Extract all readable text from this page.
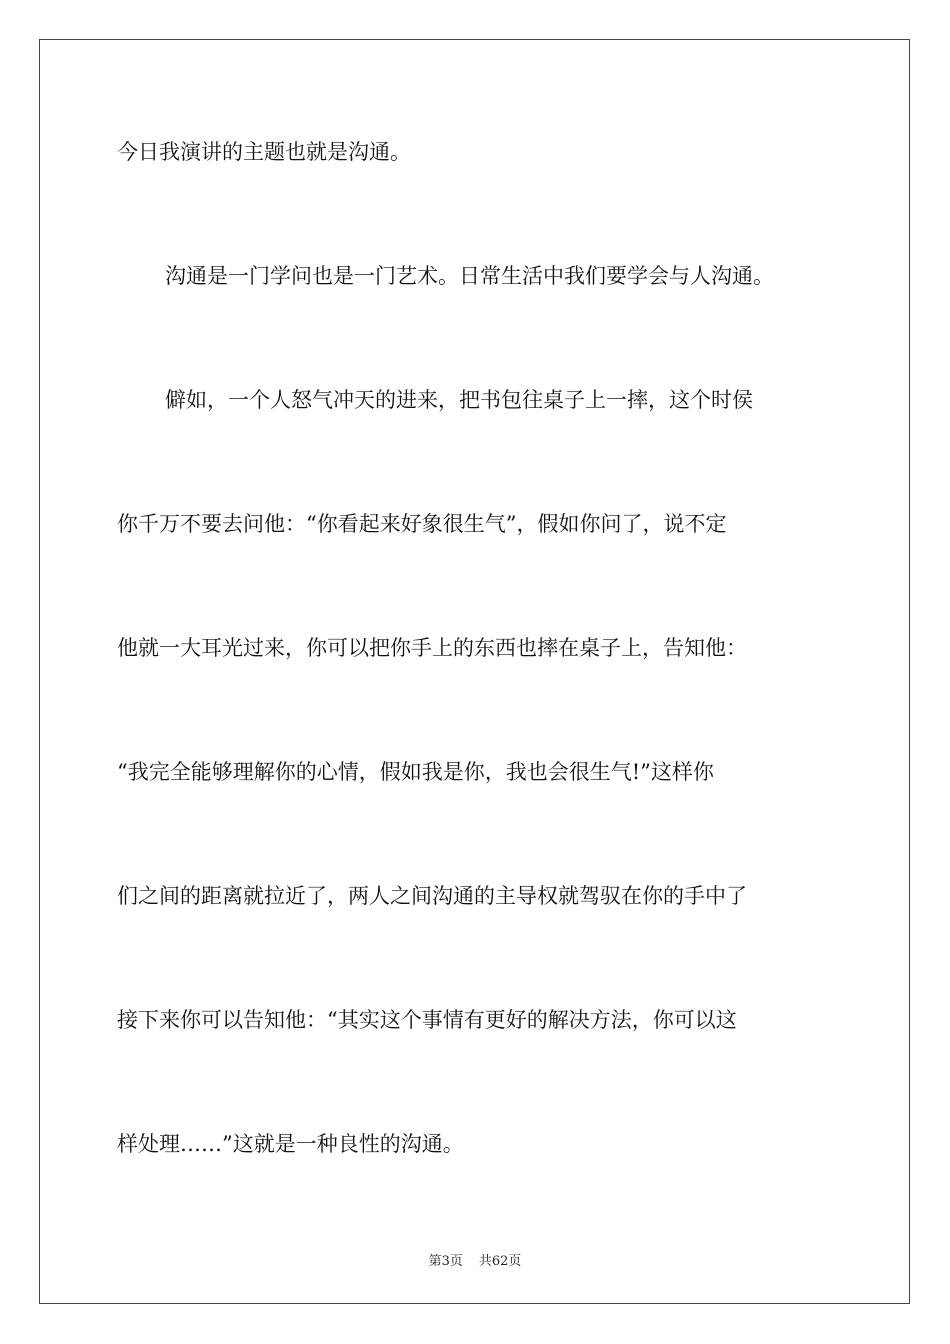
今日我演讲的主题也就是沟通。
沟通是一门学问也是一门艺术。日常生活中我们要学会与人沟通。
僻如，一个人怒气冲天的进来，把书包往桌子上一摔，这个时侯
你千万不要去问他：“你看起来好象很生气”，假如你问了，说不定
他就一大耳光过来，你可以把你手上的东西也摔在桌子上，告知他：
“我完全能够理解你的心情，假如我是你，我也会很生气!”这样你
们之间的距离就拉近了，两人之间沟通的主导权就驾驭在你的手中了
接下来你可以告知他：“其实这个事情有更好的解决方法，你可以这
样处理……”这就是一种良性的沟通。
第3页 共62页
